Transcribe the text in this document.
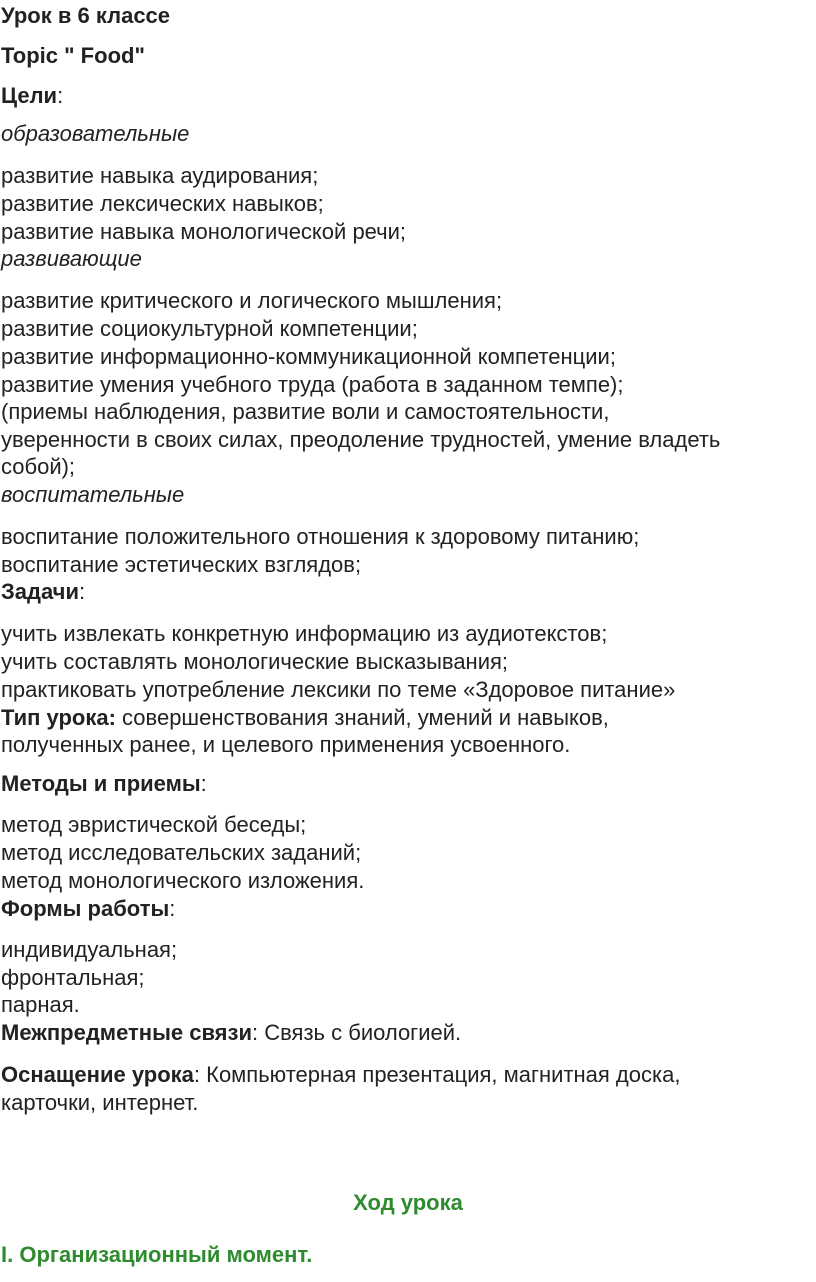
Урок в 6 классе
Topic " Food"
Цели:
образовательные
развитие навыка аудирования;
развитие лексических навыков;
развитие навыка монологической речи;
развивающие
развитие критического и логического мышления;
развитие социокультурной компетенции;
развитие информационно-коммуникационной компетенции;
развитие умения учебного труда (работа в заданном темпе);
(приемы наблюдения, развитие воли и самостоятельности,
уверенности в своих силах, преодоление трудностей, умение владеть
собой);
воспитательные
воспитание положительного отношения к здоровому питанию;
воспитание эстетических взглядов;
Задачи:
учить извлекать конкретную информацию из аудиотекстов;
учить составлять монологические высказывания;
практиковать употребление лексики по теме «Здоровое питание»
Тип урока: совершенствования знаний, умений и навыков,
полученных ранее, и целевого применения усвоенного.
Методы и приемы:
метод эвристической беседы;
метод исследовательских заданий;
метод монологического изложения.
Формы работы:
индивидуальная;
фронтальная;
парная.
Межпредметные связи: Связь с биологией.
Оснащение урока: Компьютерная презентация, магнитная доска,
карточки, интернет.
Ход урока
I. Организационный момент.
